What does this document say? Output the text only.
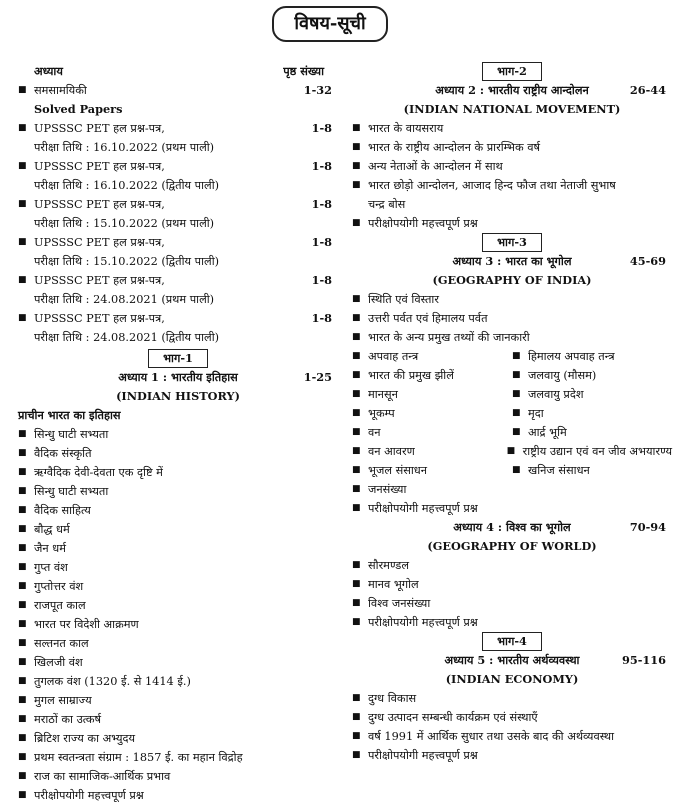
विषय-सूची
अध्याय	पृष्ठ संख्या
■ समसामयिकी	1-32
Solved Papers
■ UPSSSC PET हल प्रश्न-पत्र,	1-8
परीक्षा तिथि : 16.10.2022 (प्रथम पाली)
■ UPSSSC PET हल प्रश्न-पत्र,	1-8
परीक्षा तिथि : 16.10.2022 (द्वितीय पाली)
■ UPSSSC PET हल प्रश्न-पत्र,	1-8
परीक्षा तिथि : 15.10.2022 (प्रथम पाली)
■ UPSSSC PET हल प्रश्न-पत्र,	1-8
परीक्षा तिथि : 15.10.2022 (द्वितीय पाली)
■ UPSSSC PET हल प्रश्न-पत्र,	1-8
परीक्षा तिथि : 24.08.2021 (प्रथम पाली)
■ UPSSSC PET हल प्रश्न-पत्र,	1-8
परीक्षा तिथि : 24.08.2021 (द्वितीय पाली)
भाग-1
अध्याय 1 : भारतीय इतिहास	1-25
(INDIAN HISTORY)
प्राचीन भारत का इतिहास
■ सिन्धु घाटी सभ्यता
■ वैदिक संस्कृति
■ ऋग्वैदिक देवी-देवता एक दृष्टि में
■ सिन्धु घाटी सभ्यता
■ वैदिक साहित्य
■ बौद्ध धर्म
■ जैन धर्म
■ गुप्त वंश
■ गुप्तोत्तर वंश
■ राजपूत काल
■ भारत पर विदेशी आक्रमण
■ सल्तनत काल
■ खिलजी वंश
■ तुगलक वंश (1320 ई. से 1414 ई.)
■ मुगल साम्राज्य
■ मराठों का उत्कर्ष
■ ब्रिटिश राज्य का अभ्युदय
■ प्रथम स्वतन्त्रता संग्राम : 1857 ई. का महान विद्रोह
■ राज का सामाजिक-आर्थिक प्रभाव
■ परीक्षोपयोगी महत्त्वपूर्ण प्रश्न
भाग-2
अध्याय 2 : भारतीय राष्ट्रीय आन्दोलन	26-44
(INDIAN NATIONAL MOVEMENT)
■ भारत के वायसराय
■ भारत के राष्ट्रीय आन्दोलन के प्रारम्भिक वर्ष
■ अन्य नेताओं के आन्दोलन में साथ
■ भारत छोड़ो आन्दोलन, आजाद हिन्द फौज तथा नेताजी सुभाष
चन्द्र बोस
■ परीक्षोपयोगी महत्त्वपूर्ण प्रश्न
भाग-3
अध्याय 3 : भारत का भूगोल	45-69
(GEOGRAPHY OF INDIA)
■ स्थिति एवं विस्तार
■ उत्तरी पर्वत एवं हिमालय पर्वत
■ भारत के अन्य प्रमुख तथ्यों की जानकारी
■ अपवाह तन्त्र	■ हिमालय अपवाह तन्त्र
■ भारत की प्रमुख झीलें	■ जलवायु (मौसम)
■ मानसून	■ जलवायु प्रदेश
■ भूकम्प	■ मृदा
■ वन	■ आर्द्र भूमि
■ वन आवरण	■ राष्ट्रीय उद्यान एवं वन जीव अभयारण्य
■ भूजल संसाधन	■ खनिज संसाधन
■ जनसंख्या
■ परीक्षोपयोगी महत्त्वपूर्ण प्रश्न
अध्याय 4 : विश्व का भूगोल	70-94
(GEOGRAPHY OF WORLD)
■ सौरमण्डल
■ मानव भूगोल
■ विश्व जनसंख्या
■ परीक्षोपयोगी महत्त्वपूर्ण प्रश्न
भाग-4
अध्याय 5 : भारतीय अर्थव्यवस्था	95-116
(INDIAN ECONOMY)
■ दुग्ध विकास
■ दुग्ध उत्पादन सम्बन्धी कार्यक्रम एवं संस्थाएँ
■ वर्ष 1991 में आर्थिक सुधार तथा उसके बाद की अर्थव्यवस्था
■ परीक्षोपयोगी महत्त्वपूर्ण प्रश्न
